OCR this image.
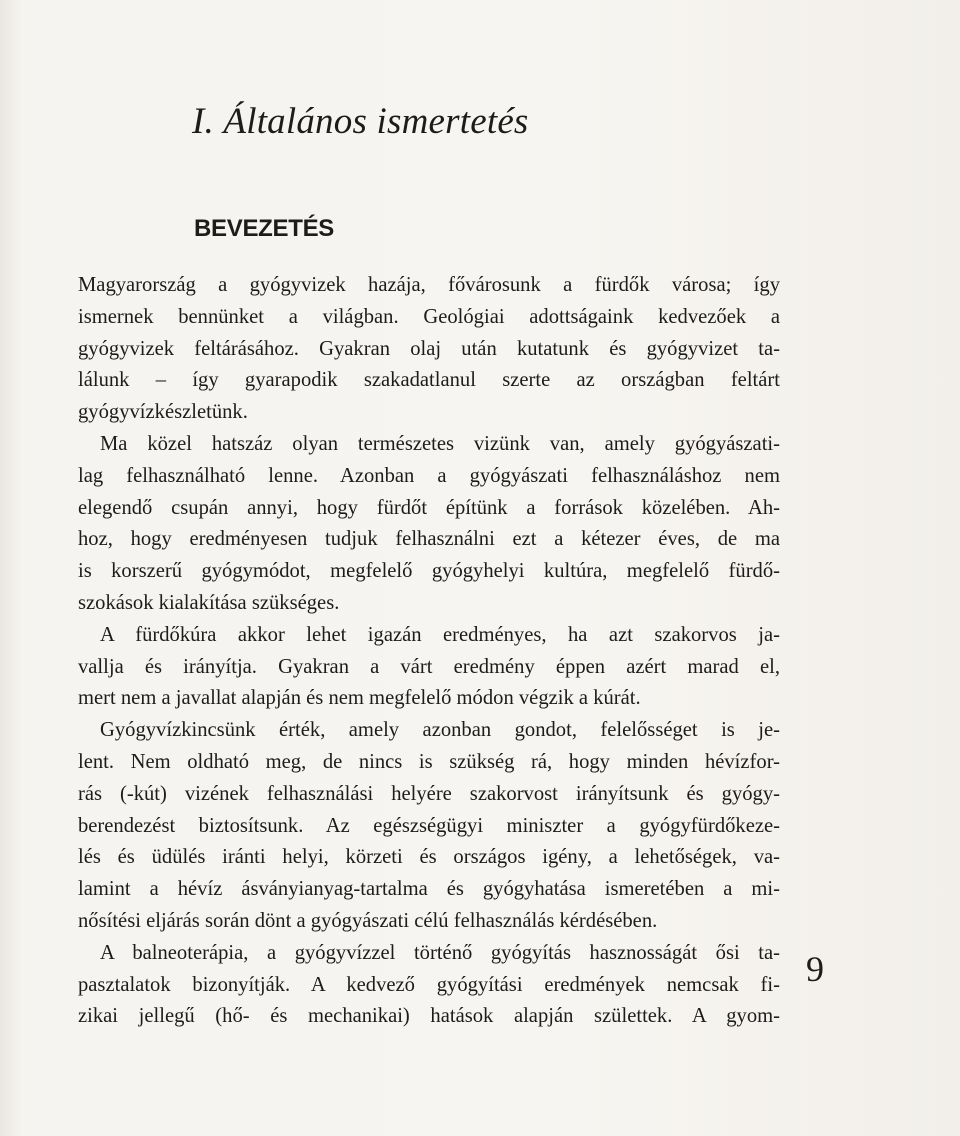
I. Általános ismertetés
BEVEZETÉS
Magyarország a gyógyvizek hazája, fővárosunk a fürdők városa; így
ismernek bennünket a világban. Geológiai adottságaink kedvezőek a
gyógyvizek feltárásához. Gyakran olaj után kutatunk és gyógyvizet ta-
lálunk – így gyarapodik szakadatlanul szerte az országban feltárt
gyógyvízkészletünk.
Ma közel hatszáz olyan természetes vizünk van, amely gyógyászati-
lag felhasználható lenne. Azonban a gyógyászati felhasználáshoz nem
elegendő csupán annyi, hogy fürdőt építünk a források közelében. Ah-
hoz, hogy eredményesen tudjuk felhasználni ezt a kétezer éves, de ma
is korszerű gyógymódot, megfelelő gyógyhelyi kultúra, megfelelő fürdő-
szokások kialakítása szükséges.
A fürdőkúra akkor lehet igazán eredményes, ha azt szakorvos ja-
vallja és irányítja. Gyakran a várt eredmény éppen azért marad el,
mert nem a javallat alapján és nem megfelelő módon végzik a kúrát.
Gyógyvízkincsünk érték, amely azonban gondot, felelősséget is je-
lent. Nem oldható meg, de nincs is szükség rá, hogy minden hévízfor-
rás (-kút) vizének felhasználási helyére szakorvost irányítsunk és gyógy-
berendezést biztosítsunk. Az egészségügyi miniszter a gyógyfürdőkeze-
lés és üdülés iránti helyi, körzeti és országos igény, a lehetőségek, va-
lamint a hévíz ásványianyag-tartalma és gyógyhatása ismeretében a mi-
nősítési eljárás során dönt a gyógyászati célú felhasználás kérdésében.
A balneoterápia, a gyógyvízzel történő gyógyítás hasznosságát ősi ta-
pasztalatok bizonyítják. A kedvező gyógyítási eredmények nemcsak fi-
zikai jellegű (hő- és mechanikai) hatások alapján születtek. A gyom-

9
